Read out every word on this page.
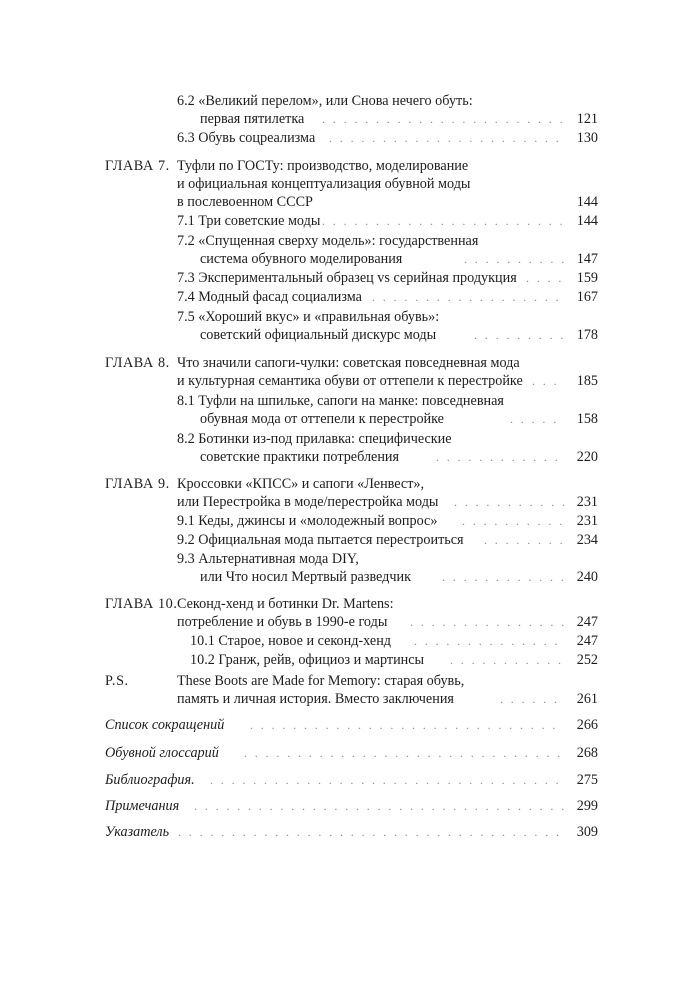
6.2 «Великий перелом», или Снова нечего обуть:
первая пятилетка . . .	121
6.3 Обувь соцреализма . . .	130
ГЛАВА 7. Туфли по ГОСТу: производство, моделирование
и официальная концептуализация обувной моды
в послевоенном СССР	144
7.1 Три советские моды . . .	144
7.2 «Спущенная сверху модель»: государственная
система обувного моделирования . . .	147
7.3 Экспериментальный образец vs серийная продукция . . .	159
7.4 Модный фасад социализма . . .	167
7.5 «Хороший вкус» и «правильная обувь»:
советский официальный дискурс моды . . .	178
ГЛАВА 8. Что значили сапоги-чулки: советская повседневная мода
и культурная семантика обуви от оттепели к перестройке . . .	185
8.1 Туфли на шпильке, сапоги на манке: повседневная
обувная мода от оттепели к перестройке . . .	158
8.2 Ботинки из-под прилавка: специфические
советские практики потребления . . .	220
ГЛАВА 9. Кроссовки «КПСС» и сапоги «Ленвест»,
или Перестройка в моде/перестройка моды . . .	231
9.1 Кеды, джинсы и «молодежный вопрос» . . .	231
9.2 Официальная мода пытается перестроиться . . .	234
9.3 Альтернативная мода DIY,
или Что носил Мертвый разведчик . . .	240
ГЛАВА 10. Секонд-хенд и ботинки Dr. Martens:
потребление и обувь в 1990-е годы . . .	247
10.1 Старое, новое и секонд-хенд . . .	247
10.2 Гранж, рейв, официоз и мартинсы . . .	252
P.S.	These Boots are Made for Memory: старая обувь,
память и личная история. Вместо заключения . . .	261
Список сокращений . . .	266
Обувной глоссарий . . .	268
Библиография. . . .	275
Примечания . . .	299
Указатель . . .	309
